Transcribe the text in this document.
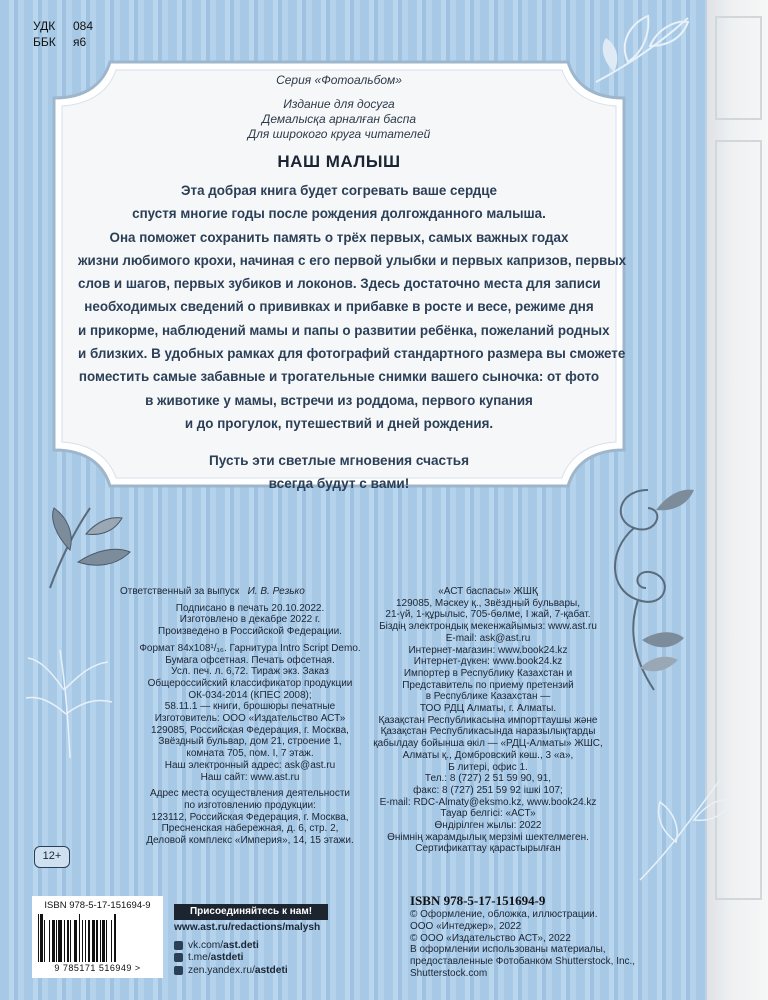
УДК	084
ББК	я6
Серия «Фотоальбом»
Издание для досуга
Демалысқа арналған баспа
Для широкого круга читателей
НАШ МАЛЫШ
Эта добрая книга будет согревать ваше сердце
спустя многие годы после рождения долгожданного малыша.
Она поможет сохранить память о трёх первых, самых важных годах
жизни любимого крохи, начиная с его первой улыбки и первых капризов, первых
слов и шагов, первых зубиков и локонов. Здесь достаточно места для записи
необходимых сведений о прививках и прибавке в росте и весе, режиме дня
и прикорме, наблюдений мамы и папы о развитии ребёнка, пожеланий родных
и близких. В удобных рамках для фотографий стандартного размера вы сможете
поместить самые забавные и трогательные снимки вашего сыночка: от фото
в животике у мамы, встречи из роддома, первого купания
и до прогулок, путешествий и дней рождения.
Пусть эти светлые мгновения счастья
всегда будут с вами!
Ответственный за выпуск И. В. Резько
Подписано в печать 20.10.2022.
Изготовлено в декабре 2022 г.
Произведено в Российской Федерации.
Формат 84x108¹/₁₆. Гарнитура Intro Script Demo.
Бумага офсетная. Печать офсетная.
Усл. печ. л. 6,72. Тираж экз. Заказ
Общероссийский классификатор продукции
ОК-034-2014 (КПЕС 2008);
58.11.1 — книги, брошюры печатные
Изготовитель: ООО «Издательство АСТ»
129085, Российская Федерация, г. Москва,
Звёздный бульвар, дом 21, строение 1,
комната 705, пом. I, 7 этаж.
Наш электронный адрес: ask@ast.ru
Наш сайт: www.ast.ru
Адрес места осуществления деятельности
по изготовлению продукции:
123112, Российская Федерация, г. Москва,
Пресненская набережная, д. 6, стр. 2,
Деловой комплекс «Империя», 14, 15 этажи.
«АСТ баспасы» ЖШҚ
129085, Мәскеу қ., Звёздный бульвары,
21-үй, 1-құрылыс, 705-бөлме, I жай, 7-қабат.
Біздің электрондық мекенжайымыз: www.ast.ru
E-mail: ask@ast.ru
Интернет-магазин: www.book24.kz
Интернет-дүкен: www.book24.kz
Импортер в Республику Казахстан и
Представитель по приему претензий
в Республике Казахстан —
ТОО РДЦ Алматы, г. Алматы.
Қазақстан Республикасына импорттаушы және
Қазақстан Республикасында наразылықтарды
қабылдау бойынша өкіл — «РДЦ-Алматы» ЖШС,
Алматы қ., Домбровский көш., 3 «а»,
Б литері, офис 1.
Тел.: 8 (727) 2 51 59 90, 91,
факс: 8 (727) 251 59 92 ішкі 107;
E-mail: RDC-Almaty@eksmo.kz, www.book24.kz
Тауар белгісі: «АСТ»
Өндірілген жылы: 2022
Өнімнің жарамдылық мерзімі шектелмеген.
Сертификаттау қарастырылған
12+
ISBN 978-5-17-151694-9
9 785171 516949 >
Присоединяйтесь к нам!
www.ast.ru/redactions/malysh
vk.com/ ast.deti
t.me/ astdeti
zen.yandex.ru/ astdeti
ISBN 978-5-17-151694-9
© Оформление, обложка, иллюстрации.
ООО «Интеджер», 2022
© ООО «Издательство АСТ», 2022
В оформлении использованы материалы,
предоставленные Фотобанком Shutterstock, Inc.,
Shutterstock.com
